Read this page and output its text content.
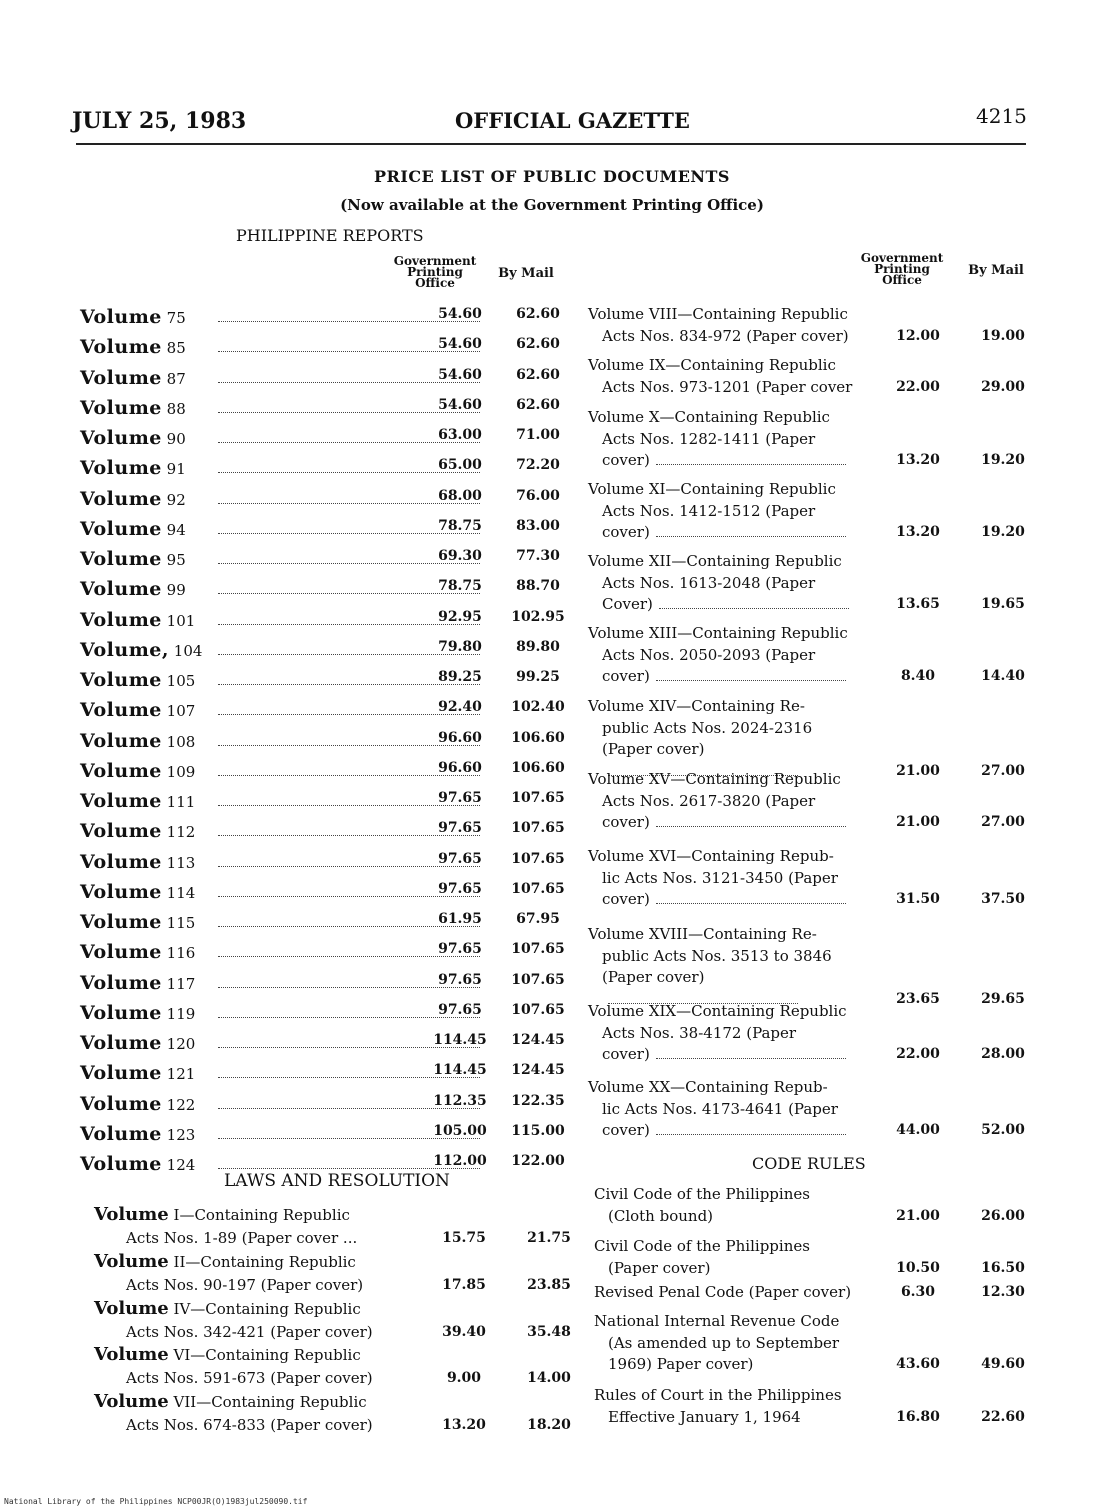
JULY 25, 1983	OFFICIAL GAZETTE	4215
PRICE LIST OF PUBLIC DOCUMENTS
(Now available at the Government Printing Office)
PHILIPPINE REPORTS
Government
Printing
Office
By Mail
Government
Printing
Office
By Mail
Volume 75	54.60	62.60
Volume 85	54.60	62.60
Volume 87	54.60	62.60
Volume 88	54.60	62.60
Volume 90	63.00	71.00
Volume 91	65.00	72.20
Volume 92	68.00	76.00
Volume 94	78.75	83.00
Volume 95	69.30	77.30
Volume 99	78.75	88.70
Volume 101	92.95	102.95
Volume, 104	79.80	89.80
Volume 105	89.25	99.25
Volume 107	92.40	102.40
Volume 108	96.60	106.60
Volume 109	96.60	106.60
Volume 111	97.65	107.65
Volume 112	97.65	107.65
Volume 113	97.65	107.65
Volume 114	97.65	107.65
Volume 115	61.95	67.95
Volume 116	97.65	107.65
Volume 117	97.65	107.65
Volume 119	97.65	107.65
Volume 120	114.45 124.45
Volume 121	114.45 124.45
Volume 122	112.35 122.35
Volume 123	105.00 115.00
Volume 124	112.00 122.00
LAWS AND RESOLUTION
Volume I—Containing Republic
Acts Nos. 1-89 (Paper cover ...	15.75	21.75
Volume II—Containing Republic
Acts Nos. 90-197 (Paper cover)	17.85	23.85
Volume IV—Containing Republic
Acts Nos. 342-421 (Paper cover)	39.40	35.48
Volume VI—Containing Republic
Acts Nos. 591-673 (Paper cover)	9.00	14.00
Volume VII—Containing Republic
Acts Nos. 674-833 (Paper cover)	13.20	18.20
Volume VIII—Containing Republic
Acts Nos. 834-972 (Paper cover)	12.00	19.00
Volume IX—Containing Republic
Acts Nos. 973-1201 (Paper cover	22.00	29.00
Volume X—Containing Republic
Acts Nos. 1282-1411 (Paper
cover)	13.20	19.20
Volume XI—Containing Republic
Acts Nos. 1412-1512 (Paper
cover)	13.20	19.20
Volume XII—Containing Republic
Acts Nos. 1613-2048 (Paper
Cover)	13.65	19.65
Volume XIII—Containing Republic
Acts Nos. 2050-2093 (Paper
cover)	8.40	14.40
Volume XIV—Containing Re-
public Acts Nos. 2024-2316
(Paper cover)
21.00	27.00
Volume XV—Containing Republic
Acts Nos. 2617-3820 (Paper
cover)	21.00	27.00
Volume XVI—Containing Repub-
lic Acts Nos. 3121-3450 (Paper
cover)	31.50	37.50
Volume XVIII—Containing Re-
public Acts Nos. 3513 to 3846
(Paper cover)
23.65	29.65
Volume XIX—Containing Republic
Acts Nos. 38-4172 (Paper
cover)	22.00	28.00
Volume XX—Containing Repub-
lic Acts Nos. 4173-4641 (Paper
cover)	44.00	52.00
CODE RULES
Civil Code of the Philippines
(Cloth bound)	21.00	26.00
Civil Code of the Philippines
(Paper cover)	10.50	16.50
Revised Penal Code (Paper cover)	6.30	12.30
National Internal Revenue Code
(As amended up to September
1969) Paper cover)	43.60	49.60
Rules of Court in the Philippines
Effective January 1, 1964	16.80	22.60
National Library of the Philippines NCP00JR(O)1983jul250090.tif
